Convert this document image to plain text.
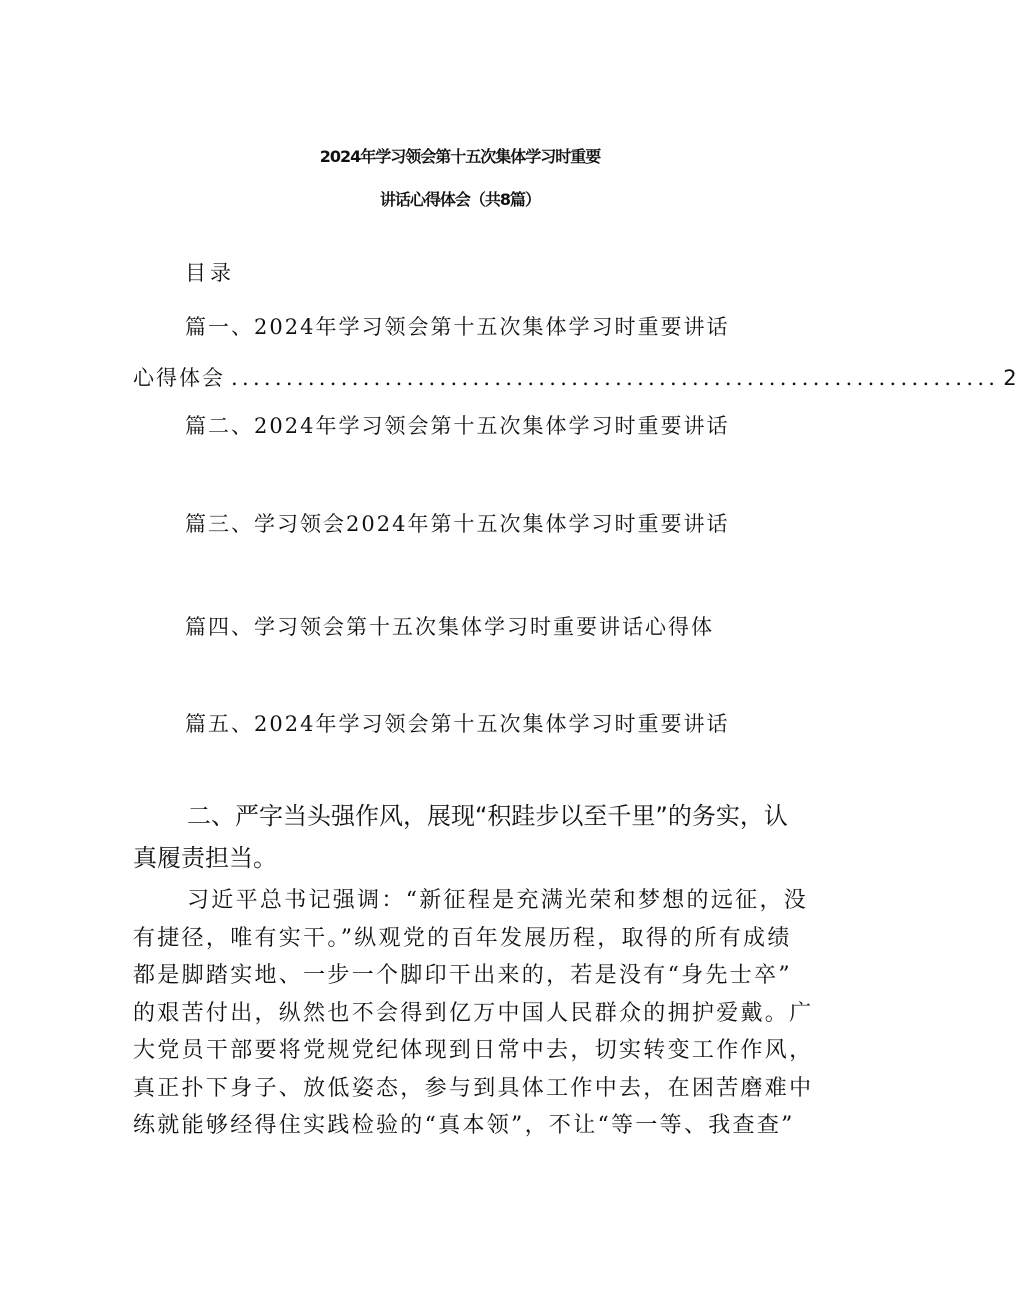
2024年学习领会第十五次集体学习时重要
讲话心得体会（共8篇）
目录
篇一、2024年学习领会第十五次集体学习时重要讲话
心得体会 ...................................................................... 2
篇二、2024年学习领会第十五次集体学习时重要讲话
篇三、学习领会2024年第十五次集体学习时重要讲话
篇四、学习领会第十五次集体学习时重要讲话心得体
篇五、2024年学习领会第十五次集体学习时重要讲话
二、严字当头强作风，展现“积跬步以至千里”的务实，认
真履责担当。
习近平总书记强调：“新征程是充满光荣和梦想的远征，没
有捷径，唯有实干。”纵观党的百年发展历程，取得的所有成绩
都是脚踏实地、一步一个脚印干出来的，若是没有“身先士卒”
的艰苦付出，纵然也不会得到亿万中国人民群众的拥护爱戴。广
大党员干部要将党规党纪体现到日常中去，切实转变工作作风，
真正扑下身子、放低姿态，参与到具体工作中去，在困苦磨难中
练就能够经得住实践检验的“真本领”，不让“等一等、我查查”
